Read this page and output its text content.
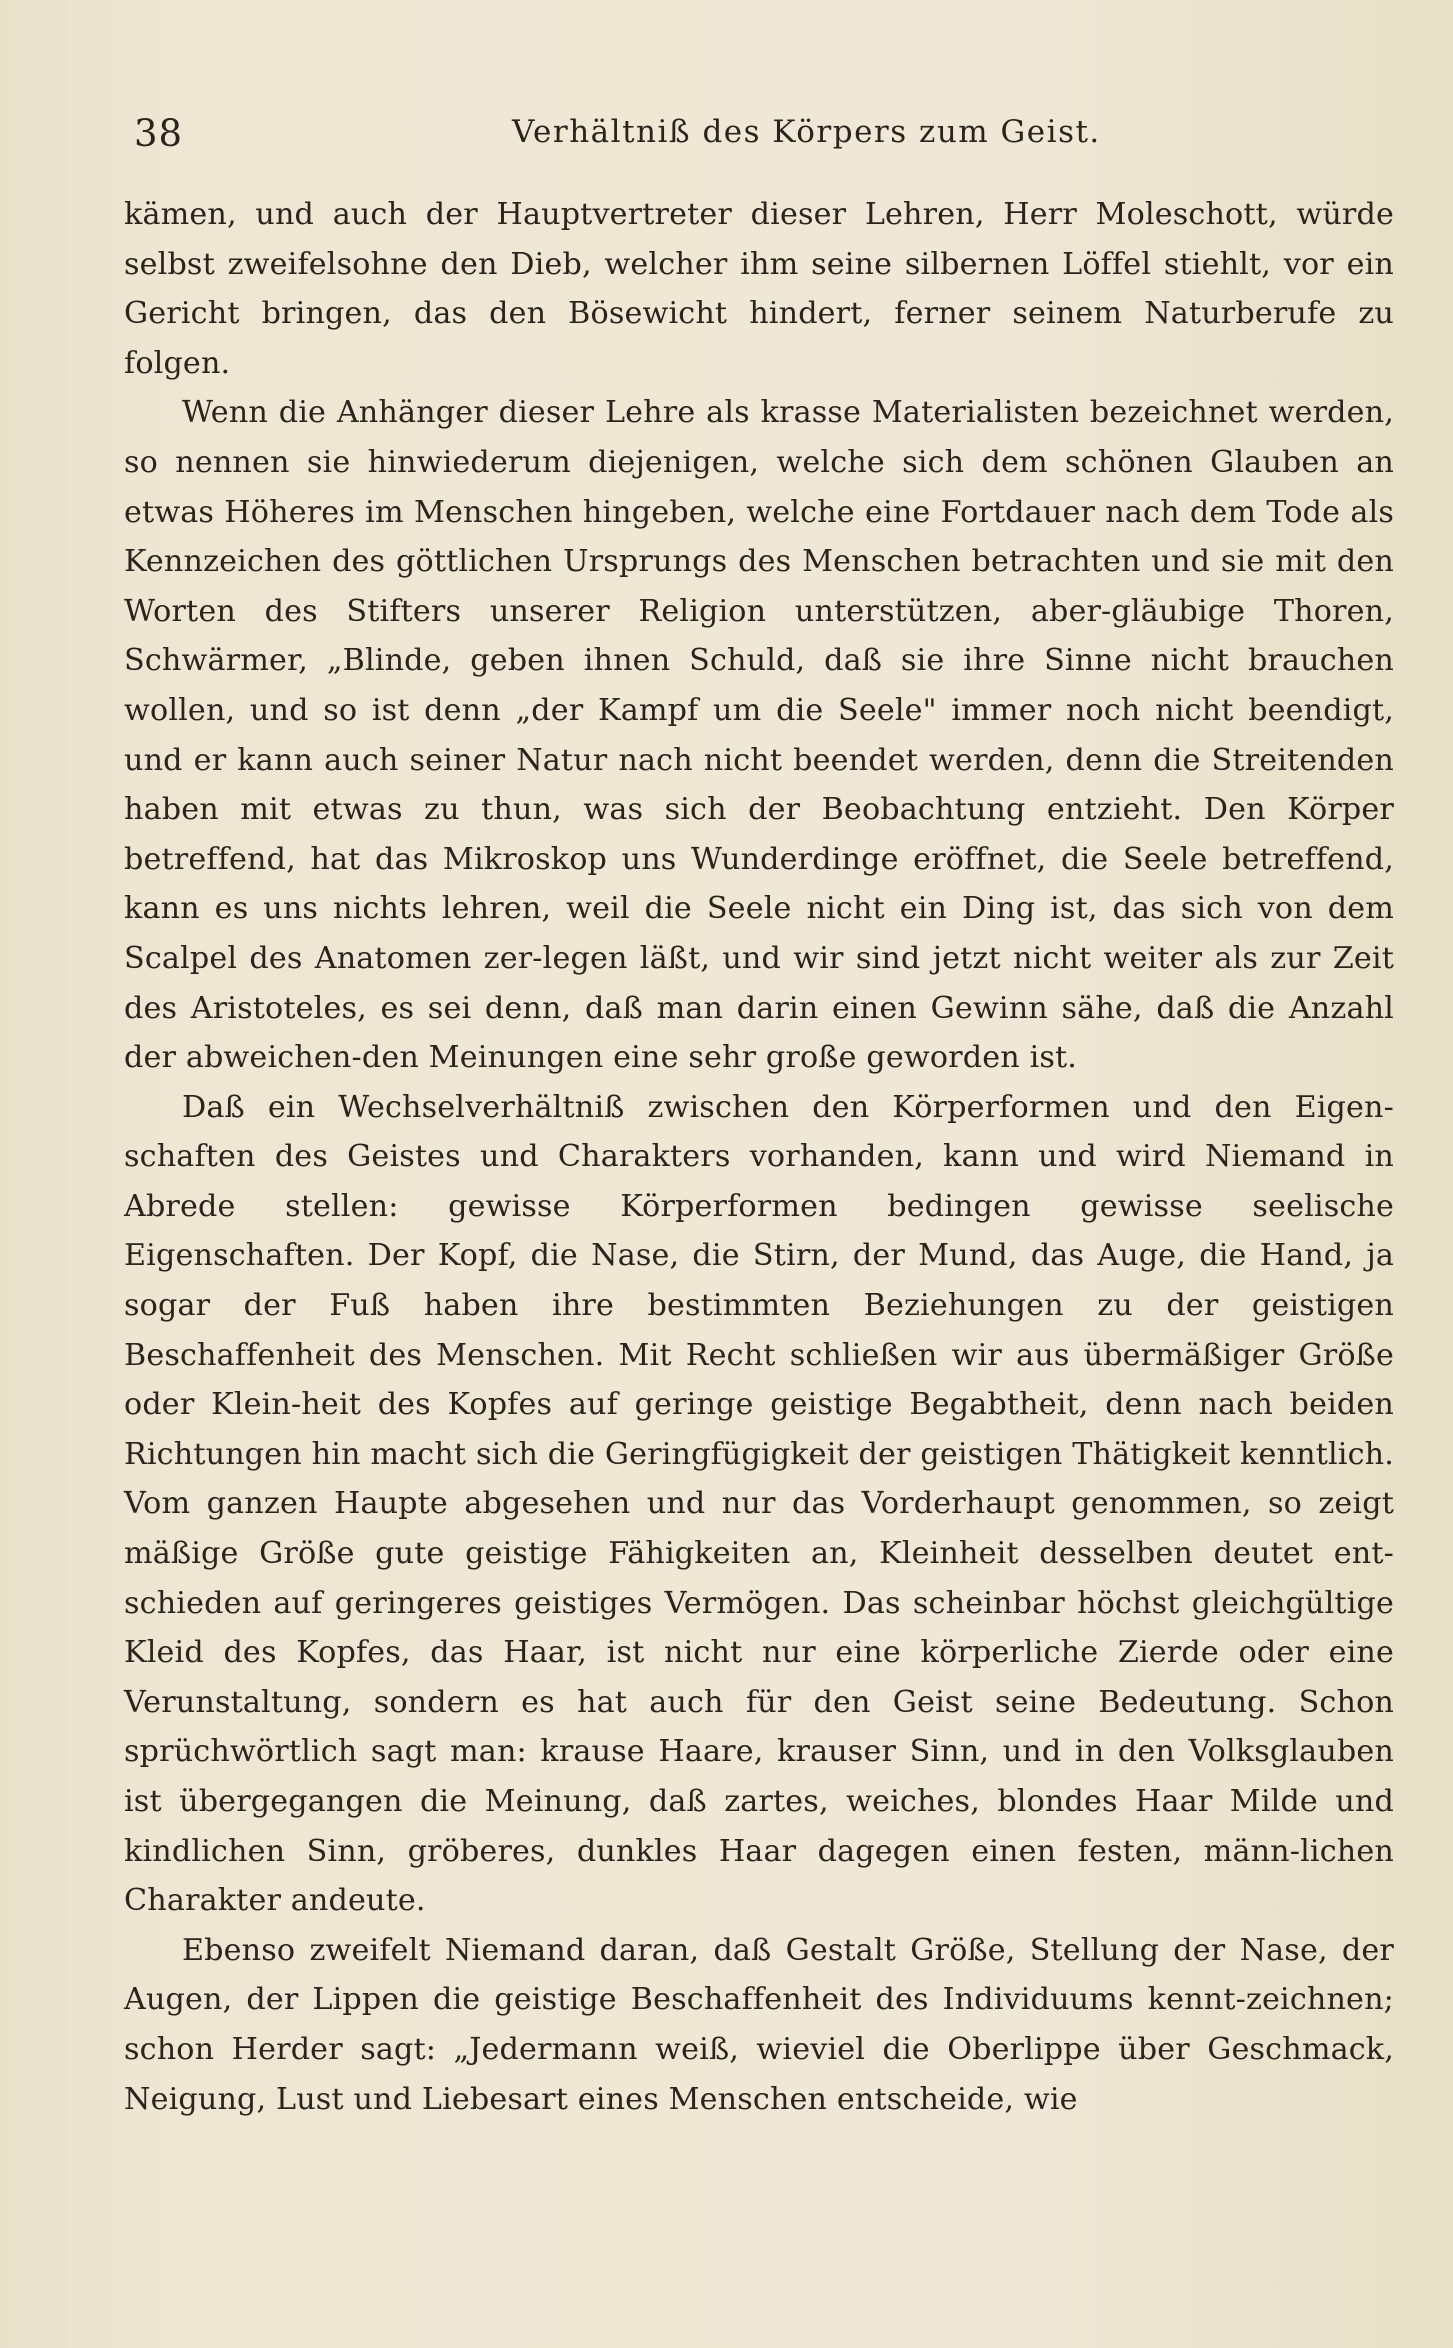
38	Verhältniß des Körpers zum Geist.

kämen, und auch der Hauptvertreter dieser Lehren, Herr Moleschott, würde selbst zweifelsohne den Dieb, welcher ihm seine silbernen Löffel stiehlt, vor ein Gericht bringen, das den Bösewicht hindert, ferner seinem Naturberufe zu folgen.

Wenn die Anhänger dieser Lehre als krasse Materialisten bezeichnet werden, so nennen sie hinwiederum diejenigen, welche sich dem schönen Glauben an etwas Höheres im Menschen hingeben, welche eine Fortdauer nach dem Tode als Kennzeichen des göttlichen Ursprungs des Menschen betrachten und sie mit den Worten des Stifters unserer Religion unterstützen, aber-gläubige Thoren, Schwärmer, „Blinde, geben ihnen Schuld, daß sie ihre Sinne nicht brauchen wollen, und so ist denn „der Kampf um die Seele" immer noch nicht beendigt, und er kann auch seiner Natur nach nicht beendet werden, denn die Streitenden haben mit etwas zu thun, was sich der Beobachtung entzieht. Den Körper betreffend, hat das Mikroskop uns Wunderdinge eröffnet, die Seele betreffend, kann es uns nichts lehren, weil die Seele nicht ein Ding ist, das sich von dem Scalpel des Anatomen zer-legen läßt, und wir sind jetzt nicht weiter als zur Zeit des Aristoteles, es sei denn, daß man darin einen Gewinn sähe, daß die Anzahl der abweichen-den Meinungen eine sehr große geworden ist.

Daß ein Wechselverhältniß zwischen den Körperformen und den Eigen-schaften des Geistes und Charakters vorhanden, kann und wird Niemand in Abrede stellen: gewisse Körperformen bedingen gewisse seelische Eigenschaften. Der Kopf, die Nase, die Stirn, der Mund, das Auge, die Hand, ja sogar der Fuß haben ihre bestimmten Beziehungen zu der geistigen Beschaffenheit des Menschen. Mit Recht schließen wir aus übermäßiger Größe oder Klein-heit des Kopfes auf geringe geistige Begabtheit, denn nach beiden Richtungen hin macht sich die Geringfügigkeit der geistigen Thätigkeit kenntlich. Vom ganzen Haupte abgesehen und nur das Vorderhaupt genommen, so zeigt mäßige Größe gute geistige Fähigkeiten an, Kleinheit desselben deutet ent-schieden auf geringeres geistiges Vermögen. Das scheinbar höchst gleichgültige Kleid des Kopfes, das Haar, ist nicht nur eine körperliche Zierde oder eine Verunstaltung, sondern es hat auch für den Geist seine Bedeutung. Schon sprüchwörtlich sagt man: krause Haare, krauser Sinn, und in den Volksglauben ist übergegangen die Meinung, daß zartes, weiches, blondes Haar Milde und kindlichen Sinn, gröberes, dunkles Haar dagegen einen festen, männ-lichen Charakter andeute.

Ebenso zweifelt Niemand daran, daß Gestalt Größe, Stellung der Nase, der Augen, der Lippen die geistige Beschaffenheit des Individuums kennt-zeichnen; schon Herder sagt: „Jedermann weiß, wieviel die Oberlippe über Geschmack, Neigung, Lust und Liebesart eines Menschen entscheide, wie
